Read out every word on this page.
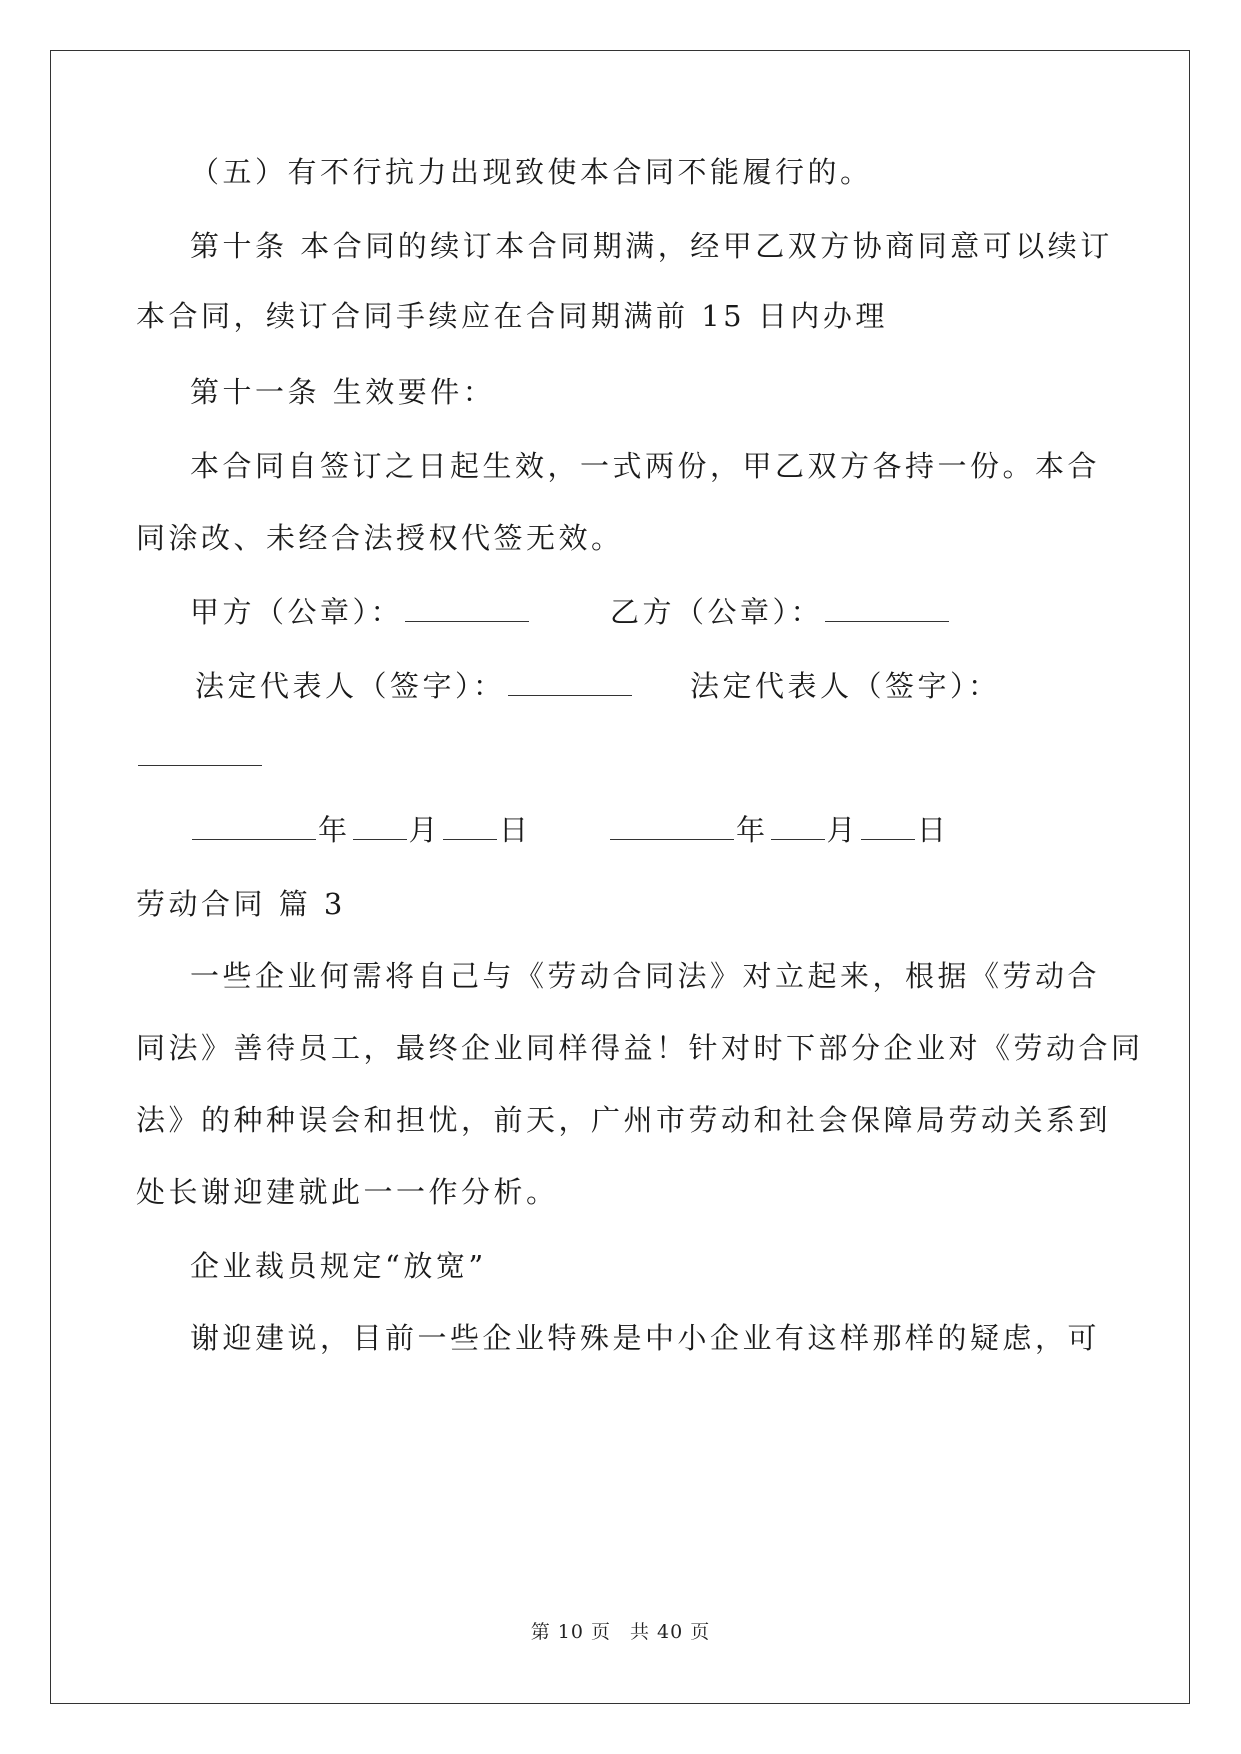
（五）有不行抗力出现致使本合同不能履行的。
第十条 本合同的续订本合同期满，经甲乙双方协商同意可以续订
本合同，续订合同手续应在合同期满前 15 日内办理
第十一条 生效要件：
本合同自签订之日起生效，一式两份，甲乙双方各持一份。本合
同涂改、未经合法授权代签无效。
甲方（公章）：	乙方（公章）：
法定代表人（签字）：	法定代表人（签字）：
年 月 日	年 月 日
劳动合同 篇 3
一些企业何需将自己与《劳动合同法》对立起来，根据《劳动合
同法》善待员工，最终企业同样得益！针对时下部分企业对《劳动合同
法》的种种误会和担忧，前天，广州市劳动和社会保障局劳动关系到
处长谢迎建就此一一作分析。
企业裁员规定“放宽”
谢迎建说，目前一些企业特殊是中小企业有这样那样的疑虑，可
第 10 页 共 40 页
